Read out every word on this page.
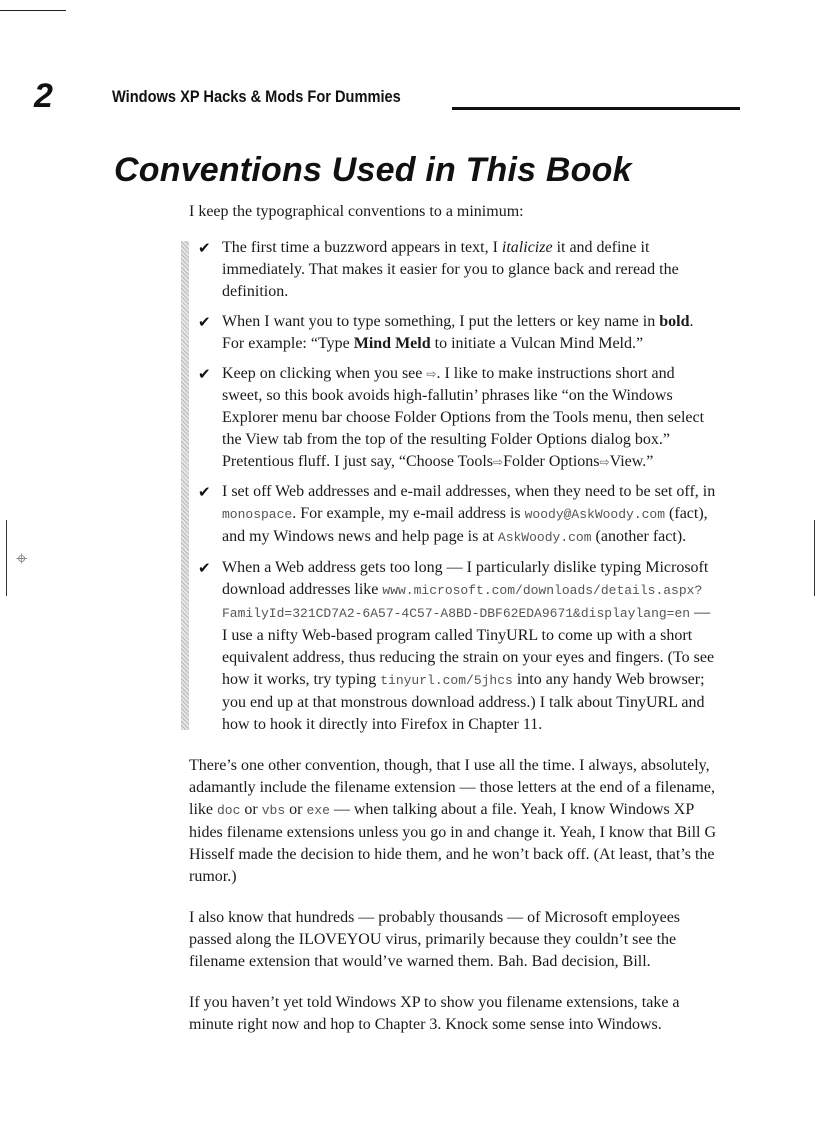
⌖
2	Windows XP Hacks & Mods For Dummies
Conventions Used in This Book

I keep the typographical conventions to a minimum:

✔ The first time a buzzword appears in text, I italicize it and define it immediately. That makes it easier for you to glance back and reread the definition.
✔ When I want you to type something, I put the letters or key name in bold. For example: “Type Mind Meld to initiate a Vulcan Mind Meld.”
✔ Keep on clicking when you see ⇨. I like to make instructions short and sweet, so this book avoids high-fallutin’ phrases like “on the Windows Explorer menu bar choose Folder Options from the Tools menu, then select the View tab from the top of the resulting Folder Options dialog box.” Pretentious fluff. I just say, “Choose Tools⇨Folder Options⇨View.”
✔ I set off Web addresses and e-mail addresses, when they need to be set off, in monospace. For example, my e-mail address is woody@AskWoody.com (fact), and my Windows news and help page is at AskWoody.com (another fact).
✔ When a Web address gets too long — I particularly dislike typing Microsoft download addresses like www.microsoft.com/downloads/details.aspx?FamilyId=321CD7A2-6A57-4C57-A8BD-DBF62EDA9671&displaylang=en — I use a nifty Web-based program called TinyURL to come up with a short equivalent address, thus reducing the strain on your eyes and fingers. (To see how it works, try typing tinyurl.com/5jhcs into any handy Web browser; you end up at that monstrous download address.) I talk about TinyURL and how to hook it directly into Firefox in Chapter 11.

There’s one other convention, though, that I use all the time. I always, absolutely, adamantly include the filename extension — those letters at the end of a filename, like doc or vbs or exe — when talking about a file. Yeah, I know Windows XP hides filename extensions unless you go in and change it. Yeah, I know that Bill G Hisself made the decision to hide them, and he won’t back off. (At least, that’s the rumor.)

I also know that hundreds — probably thousands — of Microsoft employees passed along the ILOVEYOU virus, primarily because they couldn’t see the filename extension that would’ve warned them. Bah. Bad decision, Bill.

If you haven’t yet told Windows XP to show you filename extensions, take a minute right now and hop to Chapter 3. Knock some sense into Windows.
